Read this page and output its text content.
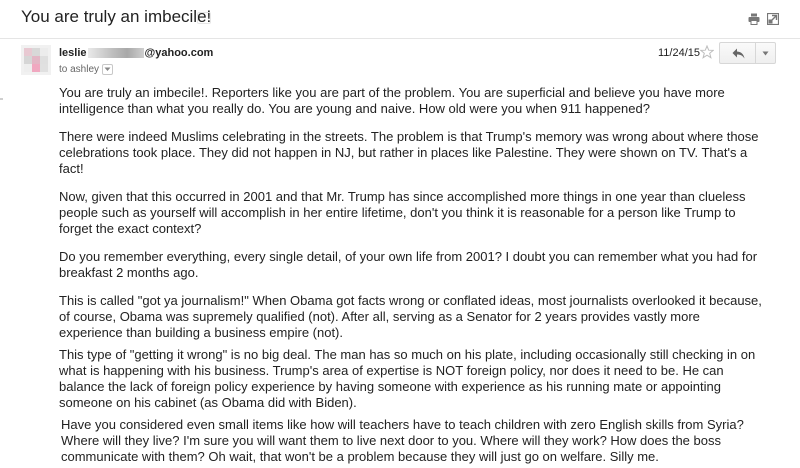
You are truly an imbecile!
leslie	@yahoo.com
to ashley
11/24/15

You are truly an imbecile!. Reporters like you are part of the problem. You are superficial and believe you have more intelligence than what you really do. You are young and naive. How old were you when 911 happened?

There were indeed Muslims celebrating in the streets. The problem is that Trump's memory was wrong about where those celebrations took place. They did not happen in NJ, but rather in places like Palestine. They were shown on TV. That's a fact!

Now, given that this occurred in 2001 and that Mr. Trump has since accomplished more things in one year than clueless people such as yourself will accomplish in her entire lifetime, don't you think it is reasonable for a person like Trump to forget the exact context?

Do you remember everything, every single detail, of your own life from 2001? I doubt you can remember what you had for breakfast 2 months ago.

This is called "got ya journalism!" When Obama got facts wrong or conflated ideas, most journalists overlooked it because, of course, Obama was supremely qualified (not). After all, serving as a Senator for 2 years provides vastly more experience than building a business empire (not).

This type of "getting it wrong" is no big deal. The man has so much on his plate, including occasionally still checking in on what is happening with his business. Trump's area of expertise is NOT foreign policy, nor does it need to be. He can balance the lack of foreign policy experience by having someone with experience as his running mate or appointing someone on his cabinet (as Obama did with Biden).

Have you considered even small items like how will teachers have to teach children with zero English skills from Syria? Where will they live? I'm sure you will want them to live next door to you. Where will they work? How does the boss communicate with them? Oh wait, that won't be a problem because they will just go on welfare. Silly me.
